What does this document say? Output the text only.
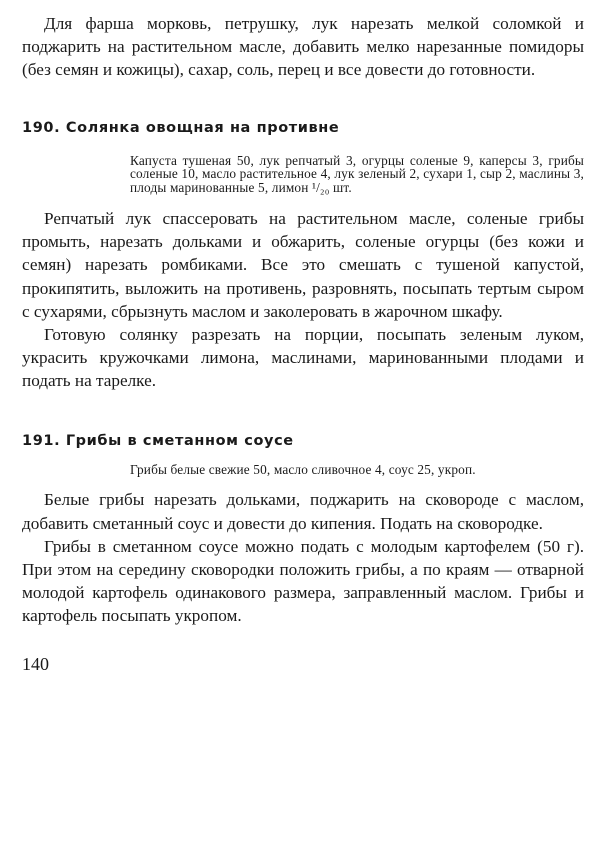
Для фарша морковь, петрушку, лук нарезать мелкой соломкой и поджарить на растительном масле, добавить мелко нарезанные помидоры (без семян и кожицы), сахар, соль, перец и все довести до готовности.

190. Солянка овощная на противне

Капуста тушеная 50, лук репчатый 3, огурцы соленые 9, каперсы 3, грибы соленые 10, масло растительное 4, лук зеленый 2, сухари 1, сыр 2, маслины 3, плоды маринованные 5, лимон ¹/₂₀ шт.

Репчатый лук спассеровать на растительном масле, соленые грибы промыть, нарезать дольками и обжарить, соленые огурцы (без кожи и семян) нарезать ромбиками. Все это смешать с тушеной капустой, прокипятить, выложить на противень, разровнять, посыпать тертым сыром с сухарями, сбрызнуть маслом и заколеровать в жарочном шкафу.

Готовую солянку разрезать на порции, посыпать зеленым луком, украсить кружочками лимона, маслинами, маринованными плодами и подать на тарелке.

191. Грибы в сметанном соусе

Грибы белые свежие 50, масло сливочное 4, соус 25, укроп.

Белые грибы нарезать дольками, поджарить на сковороде с маслом, добавить сметанный соус и довести до кипения. Подать на сковородке.

Грибы в сметанном соусе можно подать с молодым картофелем (50 г). При этом на середину сковородки положить грибы, а по краям — отварной молодой картофель одинакового размера, заправленный маслом. Грибы и картофель посыпать укропом.

140
